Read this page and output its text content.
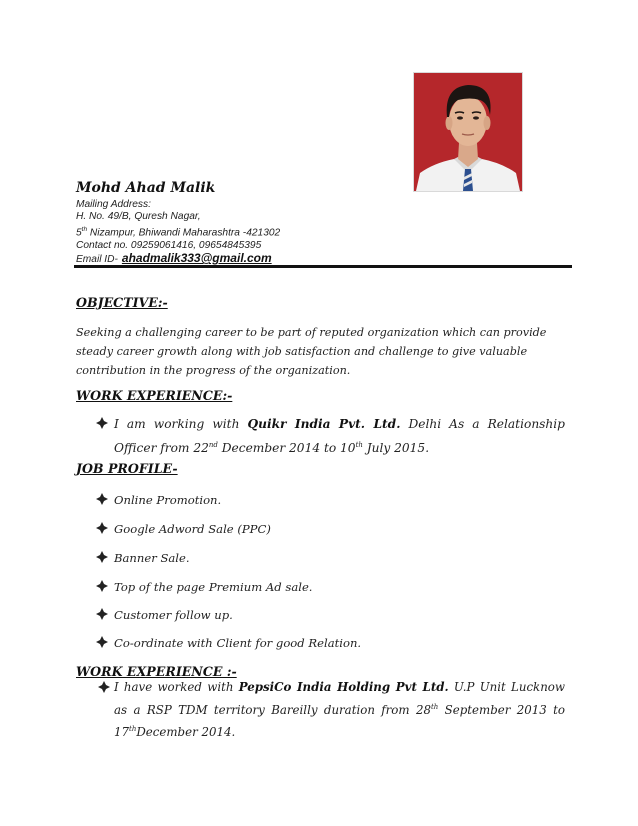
Mohd Ahad Malik
Mailing Address:
H. No. 49/B, Quresh Nagar,
5th Nizampur, Bhiwandi Maharashtra -421302
Contact no. 09259061416, 09654845395
Email ID- ahadmalik333@gmail.com
OBJECTIVE:-

Seeking a challenging career to be part of reputed organization which can provide steady career growth along with job satisfaction and challenge to give valuable contribution in the progress of the organization.

WORK EXPERIENCE:-
I am working with Quikr India Pvt. Ltd. Delhi As a Relationship Officer from 22nd December 2014 to 10th July 2015.
JOB PROFILE-
Online Promotion.
Google Adword Sale (PPC)
Banner Sale.
Top of the page Premium Ad sale.
Customer follow up.
Co-ordinate with Client for good Relation.
WORK EXPERIENCE :-
I have worked with PepsiCo India Holding Pvt Ltd. U.P Unit Lucknow as a RSP TDM territory Bareilly duration from 28th September 2013 to 17thDecember 2014.
